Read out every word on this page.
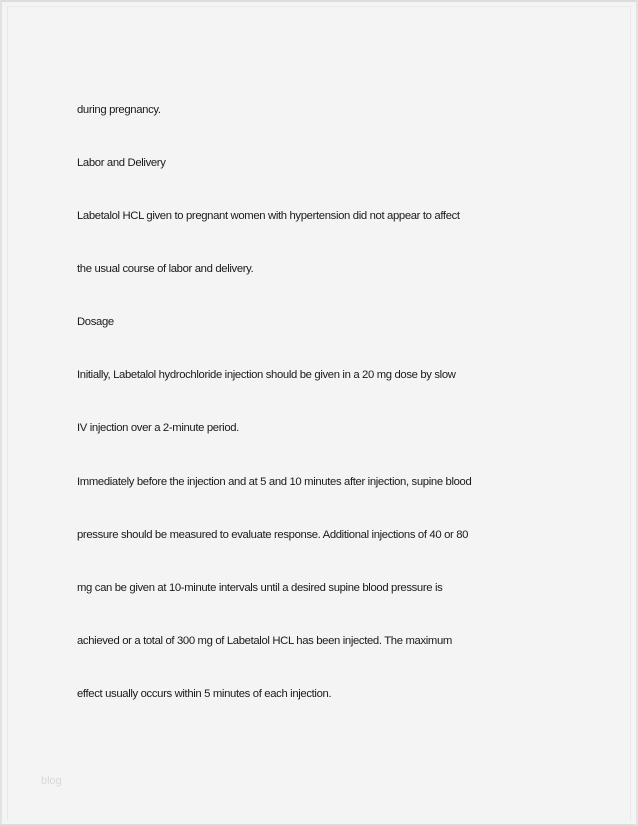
during pregnancy.
Labor and Delivery
Labetalol HCL given to pregnant women with hypertension did not appear to affect
the usual course of labor and delivery.
Dosage
Initially, Labetalol hydrochloride injection should be given in a 20 mg dose by slow
IV injection over a 2-minute period.
Immediately before the injection and at 5 and 10 minutes after injection, supine blood
pressure should be measured to evaluate response. Additional injections of 40 or 80
mg can be given at 10-minute intervals until a desired supine blood pressure is
achieved or a total of 300 mg of Labetalol HCL has been injected. The maximum
effect usually occurs within 5 minutes of each injection.
blog
